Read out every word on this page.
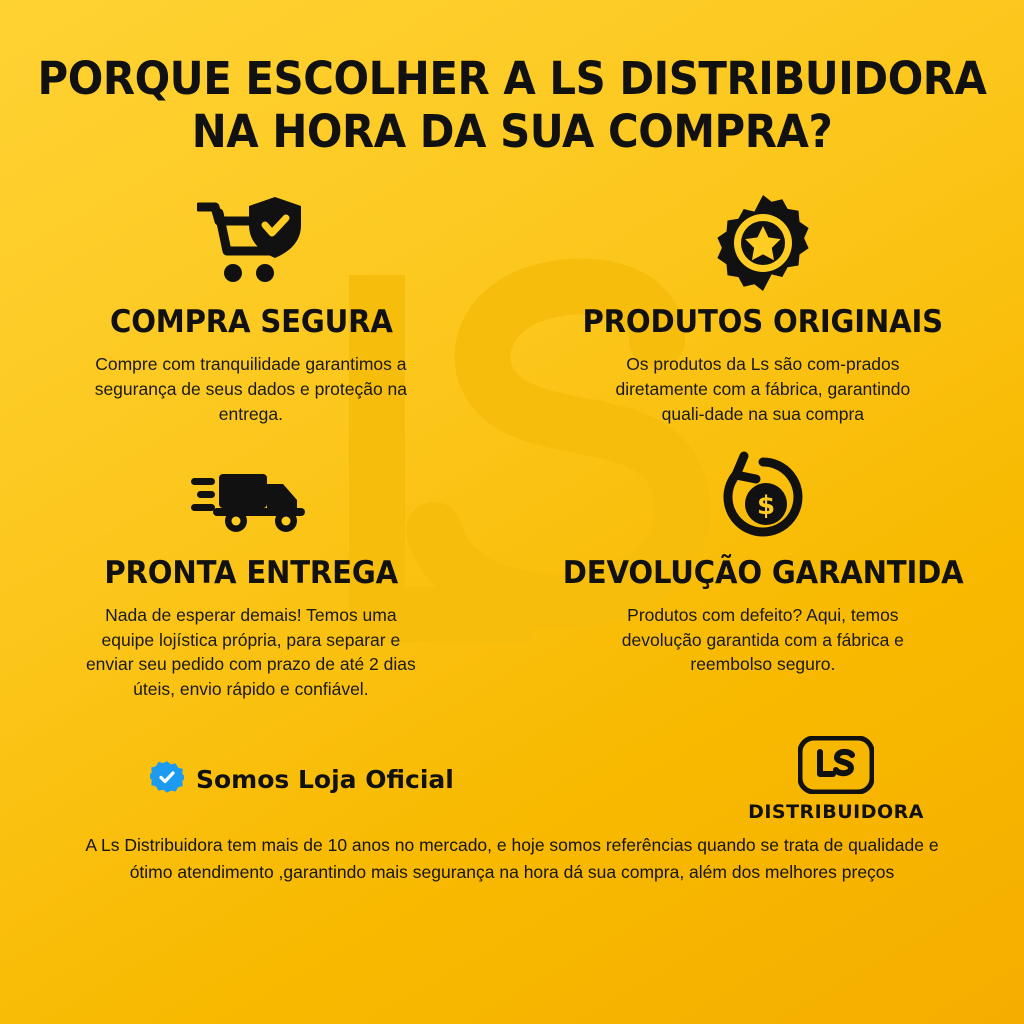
PORQUE ESCOLHER A LS DISTRIBUIDORA
NA HORA DA SUA COMPRA?
COMPRA SEGURA

Compre com tranquilidade garantimos a segurança de seus dados e proteção na entrega.

PRODUTOS ORIGINAIS

Os produtos da Ls são com-prados diretamente com a fábrica, garantindo quali-dade na sua compra

PRONTA ENTREGA

Nada de esperar demais! Temos uma equipe lojística própria, para separar e enviar seu pedido com prazo de até 2 dias úteis, envio rápido e confiável.

$
DEVOLUÇÃO GARANTIDA

Produtos com defeito? Aqui, temos devolução garantida com a fábrica e reembolso seguro.

Somos Loja Oficial
DISTRIBUIDORA
A Ls Distribuidora tem mais de 10 anos no mercado, e hoje somos referências quando se trata de qualidade e ótimo atendimento ,garantindo mais segurança na hora dá sua compra, além dos melhores preços
